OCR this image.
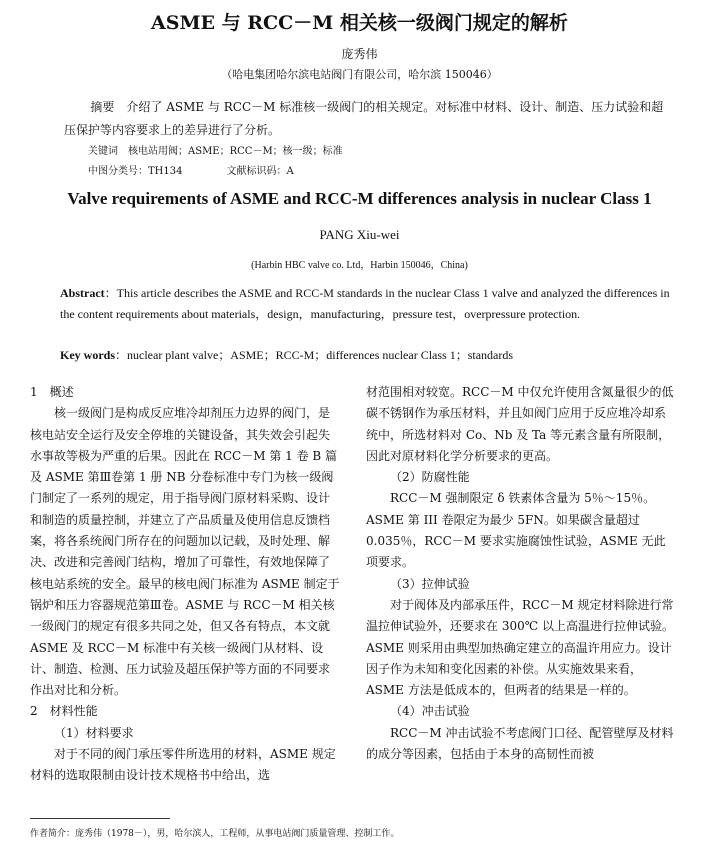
ASME 与 RCC－M 相关核一级阀门规定的解析
庞秀伟
（哈电集团哈尔滨电站阀门有限公司，哈尔滨 150046）
摘要　介绍了 ASME 与 RCC－M 标准核一级阀门的相关规定。对标准中材料、设计、制造、压力试验和超压保护等内容要求上的差异进行了分析。
关键词　核电站用阀；ASME；RCC－M；核一级；标准
中图分类号：TH134	文献标识码：A
Valve requirements of ASME and RCC-M differences analysis in nuclear Class 1
PANG Xiu-wei
(Harbin HBC valve co. Ltd，Harbin 150046，China)
Abstract：This article describes the ASME and RCC-M standards in the nuclear Class 1 valve and analyzed the differences in the content requirements about materials，design，manufacturing，pressure test，overpressure protection.
Key words：nuclear plant valve；ASME；RCC-M；differences nuclear Class 1；standards
1　概述
核一级阀门是构成反应堆冷却剂压力边界的阀门，是核电站安全运行及安全停堆的关键设备，其失效会引起失水事故等极为严重的后果。因此在 RCC－M 第 1 卷 B 篇及 ASME 第Ⅲ卷第 1 册 NB 分卷标准中专门为核一级阀门制定了一系列的规定，用于指导阀门原材料采购、设计和制造的质量控制，并建立了产品质量及使用信息反馈档案，将各系统阀门所存在的问题加以记载，及时处理、解决、改进和完善阀门结构，增加了可靠性，有效地保障了核电站系统的安全。最早的核电阀门标准为 ASME 制定于锅炉和压力容器规范第Ⅲ卷。ASME 与 RCC－M 相关核一级阀门的规定有很多共同之处，但又各有特点，本文就 ASME 及 RCC－M 标准中有关核一级阀门从材料、设计、制造、检测、压力试验及超压保护等方面的不同要求作出对比和分析。
2　材料性能
（1）材料要求
对于不同的阀门承压零件所选用的材料，ASME 规定材料的选取限制由设计技术规格书中给出，选
材范围相对较宽。RCC－M 中仅允许使用含氮量很少的低碳不锈钢作为承压材料，并且如阀门应用于反应堆冷却系统中，所选材料对 Co、Nb 及 Ta 等元素含量有所限制，因此对原材料化学分析要求的更高。
（2）防腐性能
RCC－M 强制限定 δ 铁素体含量为 5％～15％。ASME 第 III 卷限定为最少 5FN。如果碳含量超过 0.035％，RCC－M 要求实施腐蚀性试验，ASME 无此项要求。
（3）拉伸试验
对于阀体及内部承压件，RCC－M 规定材料除进行常温拉伸试验外，还要求在 300℃ 以上高温进行拉伸试验。ASME 则采用由典型加热确定建立的高温许用应力。设计因子作为未知和变化因素的补偿。从实施效果来看，ASME 方法是低成本的，但两者的结果是一样的。
（4）冲击试验
RCC－M 冲击试验不考虑阀门口径、配管壁厚及材料的成分等因素，包括由于本身的高韧性而被
作者简介：庞秀伟（1978－），男，哈尔滨人，工程师，从事电站阀门质量管理、控制工作。
